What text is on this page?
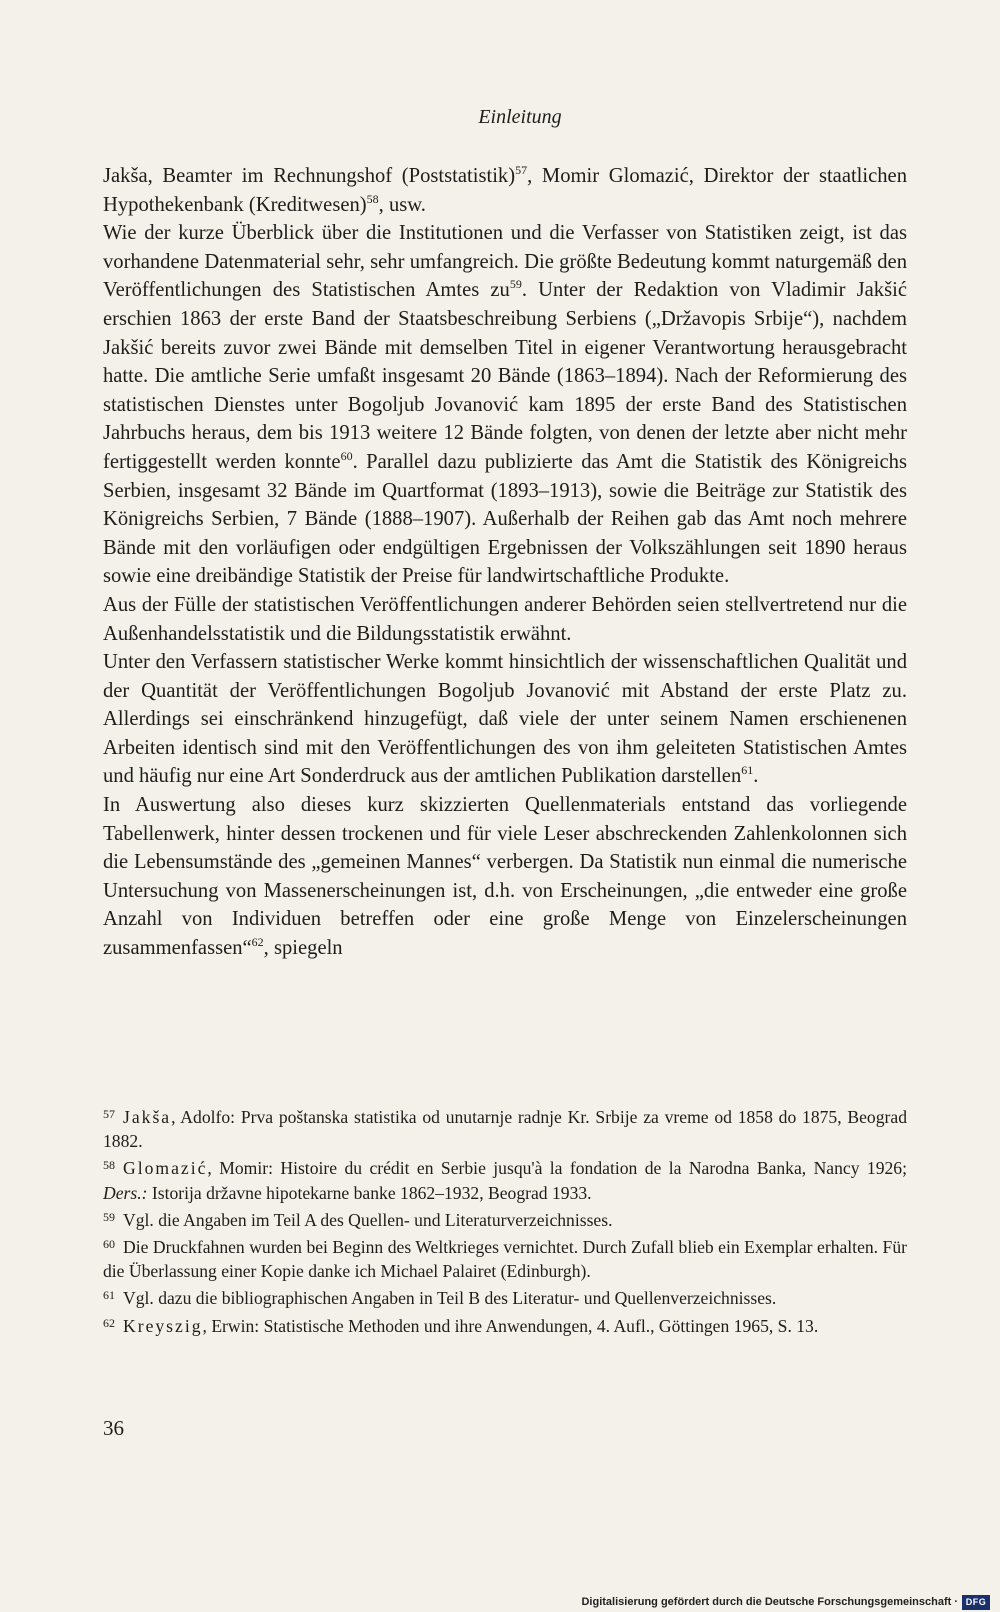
Einleitung

Jakša, Beamter im Rechnungshof (Poststatistik)$^{57}$, Momir Glomazić, Direktor der staatlichen Hypothekenbank (Kreditwesen)$^{58}$, usw.

Wie der kurze Überblick über die Institutionen und die Verfasser von Statistiken zeigt, ist das vorhandene Datenmaterial sehr, sehr umfangreich. Die größte Bedeutung kommt naturgemäß den Veröffentlichungen des Statistischen Amtes $zu^{59}$. Unter der Redaktion von Vladimir Jakšić erschien 1863 der erste Band der Staatsbeschreibung Serbiens („Državopis Srbije“), nachdem Jakšić bereits zuvor zwei Bände mit demselben Titel in eigener Verantwortung herausgebracht hatte. Die amtliche Serie umfaßt insgesamt 20 Bände (1863–1894). Nach der Reformierung des statistischen Dienstes unter Bogoljub Jovanović kam 1895 der erste Band des Statistischen Jahrbuchs heraus, dem bis 1913 weitere 12 Bände folgten, von denen der letzte aber nicht mehr fertiggestellt werden konnte$^{60}$. Parallel dazu publizierte das Amt die Statistik des Königreichs Serbien, insgesamt 32 Bände im Quartformat (1893–1913), sowie die Beiträge zur Statistik des Königreichs Serbien, 7 Bände (1888–1907). Außerhalb der Reihen gab das Amt noch mehrere Bände mit den vorläufigen oder endgültigen Ergebnissen der Volkszählungen seit 1890 heraus sowie eine dreibändige Statistik der Preise für landwirtschaftliche Produkte.

Aus der Fülle der statistischen Veröffentlichungen anderer Behörden seien stellvertretend nur die Außenhandelsstatistik und die Bildungsstatistik erwähnt.

Unter den Verfassern statistischer Werke kommt hinsichtlich der wissenschaftlichen Qualität und der Quantität der Veröffentlichungen Bogoljub Jovanović mit Abstand der erste Platz zu. Allerdings sei einschränkend hinzugefügt, daß viele der unter seinem Namen erschienenen Arbeiten identisch sind mit den Veröffentlichungen des von ihm geleiteten Statistischen Amtes und häufig nur eine Art Sonderdruck aus der amtlichen Publikation darstellen$^{61}$.

In Auswertung also dieses kurz skizzierten Quellenmaterials entstand das vorliegende Tabellenwerk, hinter dessen trockenen und für viele Leser abschreckenden Zahlenkolonnen sich die Lebensumstände des „gemeinen Mannes“ verbergen. Da Statistik nun einmal die numerische Untersuchung von Massenerscheinungen ist, d.h. von Erscheinungen, „die entweder eine große Anzahl von Individuen betreffen oder eine große Menge von Einzelerscheinungen zusammenfassen“$^{62}$, spiegeln

$^{57}$ Jakša, Adolfo: Prva poštanska statistika od unutarnje radnje Kr. Srbije za vreme od 1858 do 1875, Beograd 1882.

$^{58}$ Glomazić, Momir: Histoire du crédit en Serbie jusqu'à la fondation de la Narodna Banka, Nancy 1926; Ders.: Istorija državne hipotekarne banke 1862–1932, Beograd 1933.

$^{59}$ Vgl. die Angaben im Teil A des Quellen- und Literaturverzeichnisses.

$^{60}$ Die Druckfahnen wurden bei Beginn des Weltkrieges vernichtet. Durch Zufall blieb ein Exemplar erhalten. Für die Überlassung einer Kopie danke ich Michael Palairet (Edinburgh).

$^{61}$ Vgl. dazu die bibliographischen Angaben in Teil B des Literatur- und Quellenverzeichnisses.

$^{62}$ Kreyszig, Erwin: Statistische Methoden und ihre Anwendungen, 4. Aufl., Göttingen 1965, S. 13.

36
Digitalisierung gefördert durch die Deutsche Forschungsgemeinschaft · DFG
